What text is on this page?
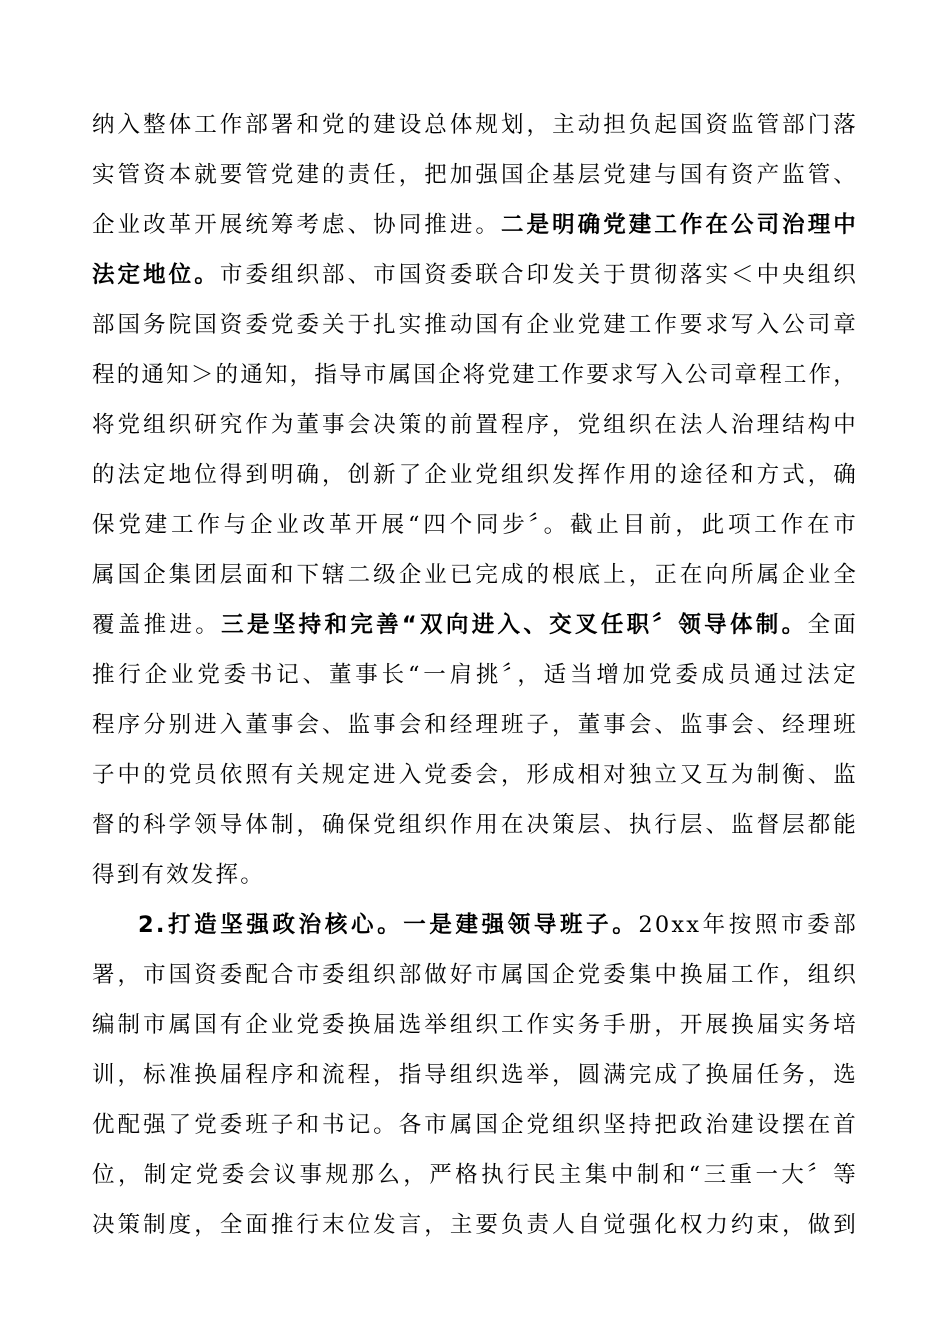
纳入整体工作部署和党的建设总体规划，主动担负起国资监管部门落
实管资本就要管党建的责任，把加强国企基层党建与国有资产监管、
企业改革开展统筹考虑、协同推进。二是明确党建工作在公司治理中
法定地位。市委组织部、市国资委联合印发关于贯彻落实＜中央组织
部国务院国资委党委关于扎实推动国有企业党建工作要求写入公司章
程的通知＞的通知，指导市属国企将党建工作要求写入公司章程工作，
将党组织研究作为董事会决策的前置程序，党组织在法人治理结构中
的法定地位得到明确，创新了企业党组织发挥作用的途径和方式，确
保党建工作与企业改革开展“四个同步〞。截止目前，此项工作在市
属国企集团层面和下辖二级企业已完成的根底上，正在向所属企业全
覆盖推进。三是坚持和完善“双向进入、交叉任职〞领导体制。全面
推行企业党委书记、董事长“一肩挑〞，适当增加党委成员通过法定
程序分别进入董事会、监事会和经理班子，董事会、监事会、经理班
子中的党员依照有关规定进入党委会，形成相对独立又互为制衡、监
督的科学领导体制，确保党组织作用在决策层、执行层、监督层都能
得到有效发挥。
2.打造坚强政治核心。一是建强领导班子。20xx年按照市委部
署，市国资委配合市委组织部做好市属国企党委集中换届工作，组织
编制市属国有企业党委换届选举组织工作实务手册，开展换届实务培
训，标准换届程序和流程，指导组织选举，圆满完成了换届任务，选
优配强了党委班子和书记。各市属国企党组织坚持把政治建设摆在首
位，制定党委会议事规那么，严格执行民主集中制和“三重一大〞等
决策制度，全面推行末位发言，主要负责人自觉强化权力约束，做到
